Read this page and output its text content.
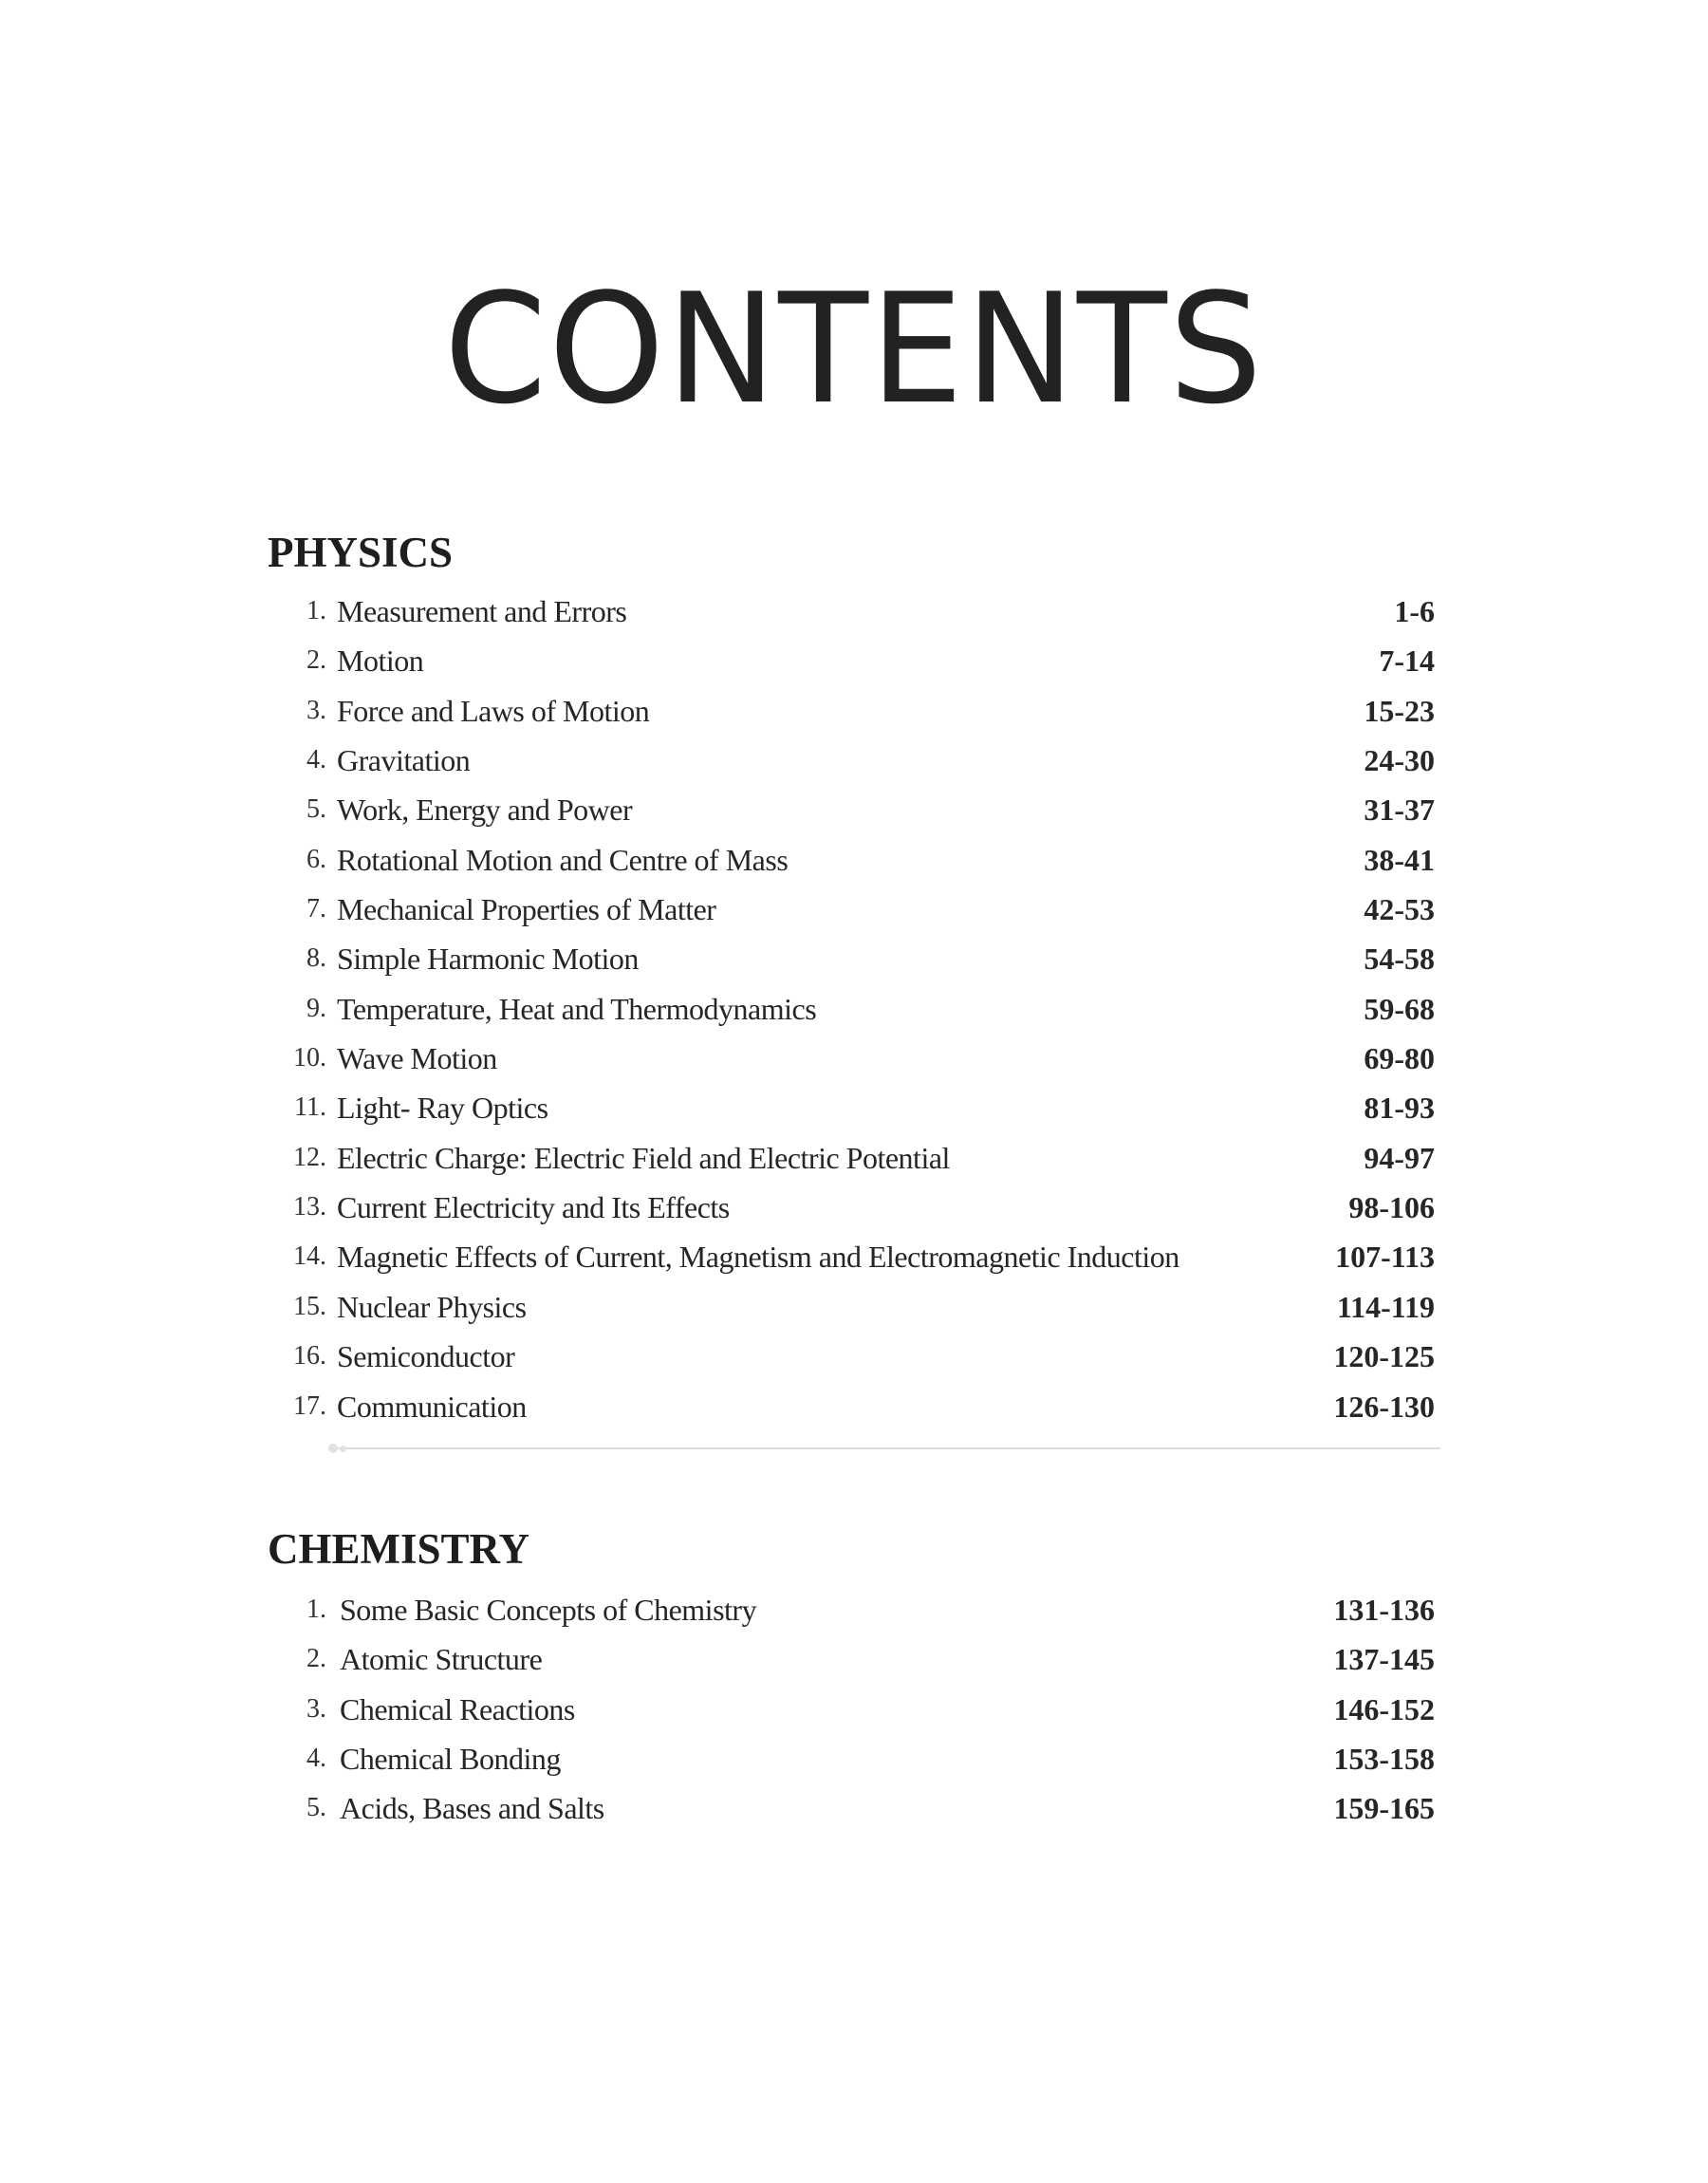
CONTENTS
PHYSICS
1. Measurement and Errors	1-6
2. Motion	7-14
3. Force and Laws of Motion	15-23
4. Gravitation	24-30
5. Work, Energy and Power	31-37
6. Rotational Motion and Centre of Mass	38-41
7. Mechanical Properties of Matter	42-53
8. Simple Harmonic Motion	54-58
9. Temperature, Heat and Thermodynamics	59-68
10. Wave Motion	69-80
11. Light- Ray Optics	81-93
12. Electric Charge: Electric Field and Electric Potential	94-97
13. Current Electricity and Its Effects	98-106
14. Magnetic Effects of Current, Magnetism and Electromagnetic Induction	107-113
15. Nuclear Physics	114-119
16. Semiconductor	120-125
17. Communication	126-130
CHEMISTRY
1. Some Basic Concepts of Chemistry	131-136
2. Atomic Structure	137-145
3. Chemical Reactions	146-152
4. Chemical Bonding	153-158
5. Acids, Bases and Salts	159-165
